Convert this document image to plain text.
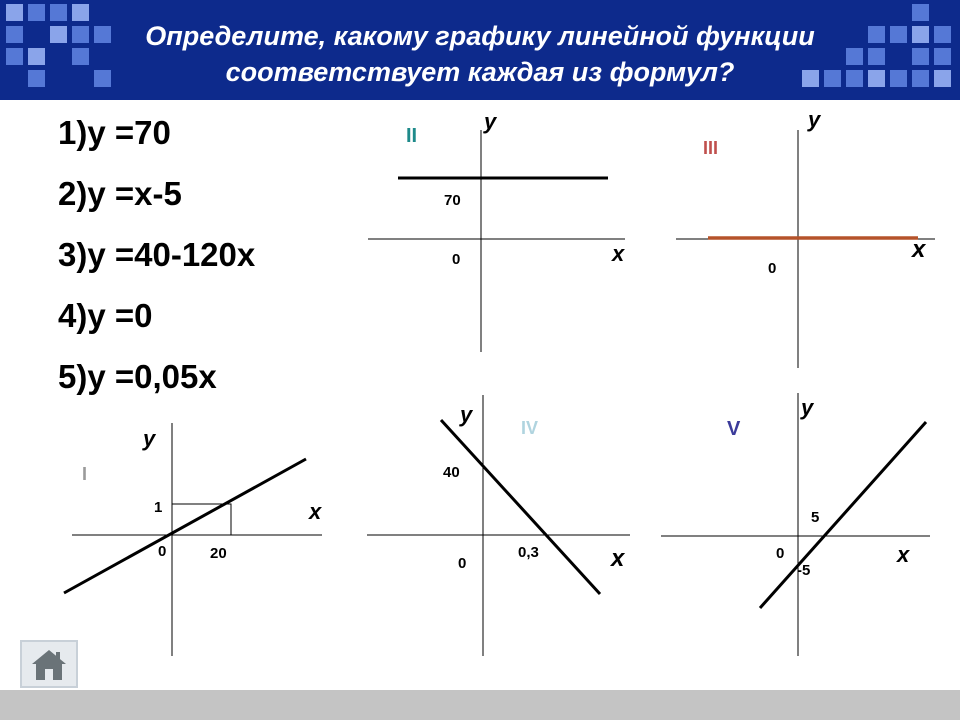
Определите, какому графику линейной функции
соответствует каждая из формул?
1)y =70
2)y =x-5
3)y =40-120x
4)y =0
5)y =0,05x
II
y
x
70
0
III
y
x
0
I
y
x
1
0	20
IV
y
x
40
0
0,3
V
y
x
5
0
-5
